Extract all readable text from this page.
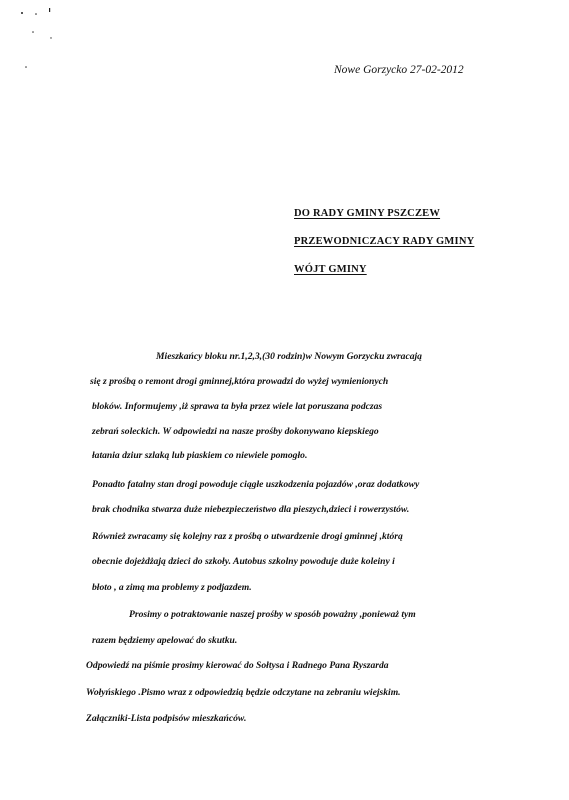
Nowe Gorzycko 27-02-2012
DO RADY GMINY PSZCZEW
PRZEWODNICZACY RADY GMINY
WÓJT GMINY
Mieszkańcy bloku nr.1,2,3,(30 rodzin)w Nowym Gorzycku zwracają
się z prośbą o remont drogi gminnej,która prowadzi do wyżej wymienionych
bloków. Informujemy ,iż sprawa ta była przez wiele lat poruszana podczas
zebrań soleckich. W odpowiedzi na nasze prośby dokonywano kiepskiego
łatania dziur szlaką lub piaskiem co niewiele pomogło.
Ponadto fatalny stan drogi powoduje ciągłe uszkodzenia pojazdów ,oraz dodatkowy
brak chodnika stwarza duże niebezpieczeństwo dla pieszych,dzieci i rowerzystów.
Również zwracamy się kolejny raz z prośbą o utwardzenie drogi gminnej ,którą
obecnie dojeżdżają dzieci do szkoły. Autobus szkolny powoduje duże koleiny i
błoto , a zimą ma problemy z podjazdem.
Prosimy o potraktowanie naszej prośby w sposób poważny ,ponieważ tym
razem będziemy apelować do skutku.
Odpowiedź na piśmie prosimy kierować do Sołtysa i Radnego Pana Ryszarda
Wołyńskiego .Pismo wraz z odpowiedzią będzie odczytane na zebraniu wiejskim.
Załączniki-Lista podpisów mieszkańców.
